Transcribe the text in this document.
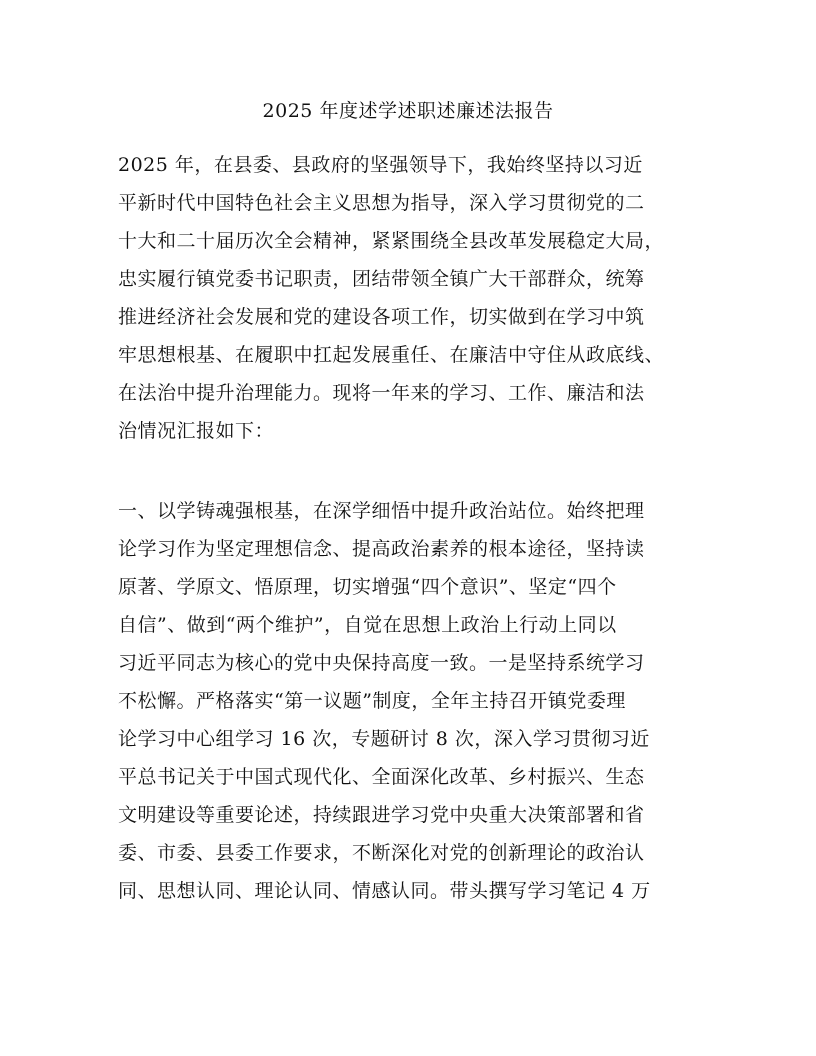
2025 年度述学述职述廉述法报告
2025 年，在县委、县政府的坚强领导下，我始终坚持以习近
平新时代中国特色社会主义思想为指导，深入学习贯彻党的二
十大和二十届历次全会精神，紧紧围绕全县改革发展稳定大局，
忠实履行镇党委书记职责，团结带领全镇广大干部群众，统筹
推进经济社会发展和党的建设各项工作，切实做到在学习中筑
牢思想根基、在履职中扛起发展重任、在廉洁中守住从政底线、
在法治中提升治理能力。现将一年来的学习、工作、廉洁和法
治情况汇报如下：
一、以学铸魂强根基，在深学细悟中提升政治站位。始终把理
论学习作为坚定理想信念、提高政治素养的根本途径，坚持读
原著、学原文、悟原理，切实增强“四个意识”、坚定“四个
自信”、做到“两个维护”，自觉在思想上政治上行动上同以
习近平同志为核心的党中央保持高度一致。一是坚持系统学习
不松懈。严格落实“第一议题”制度，全年主持召开镇党委理
论学习中心组学习 16 次，专题研讨 8 次，深入学习贯彻习近
平总书记关于中国式现代化、全面深化改革、乡村振兴、生态
文明建设等重要论述，持续跟进学习党中央重大决策部署和省
委、市委、县委工作要求，不断深化对党的创新理论的政治认
同、思想认同、理论认同、情感认同。带头撰写学习笔记 4 万
